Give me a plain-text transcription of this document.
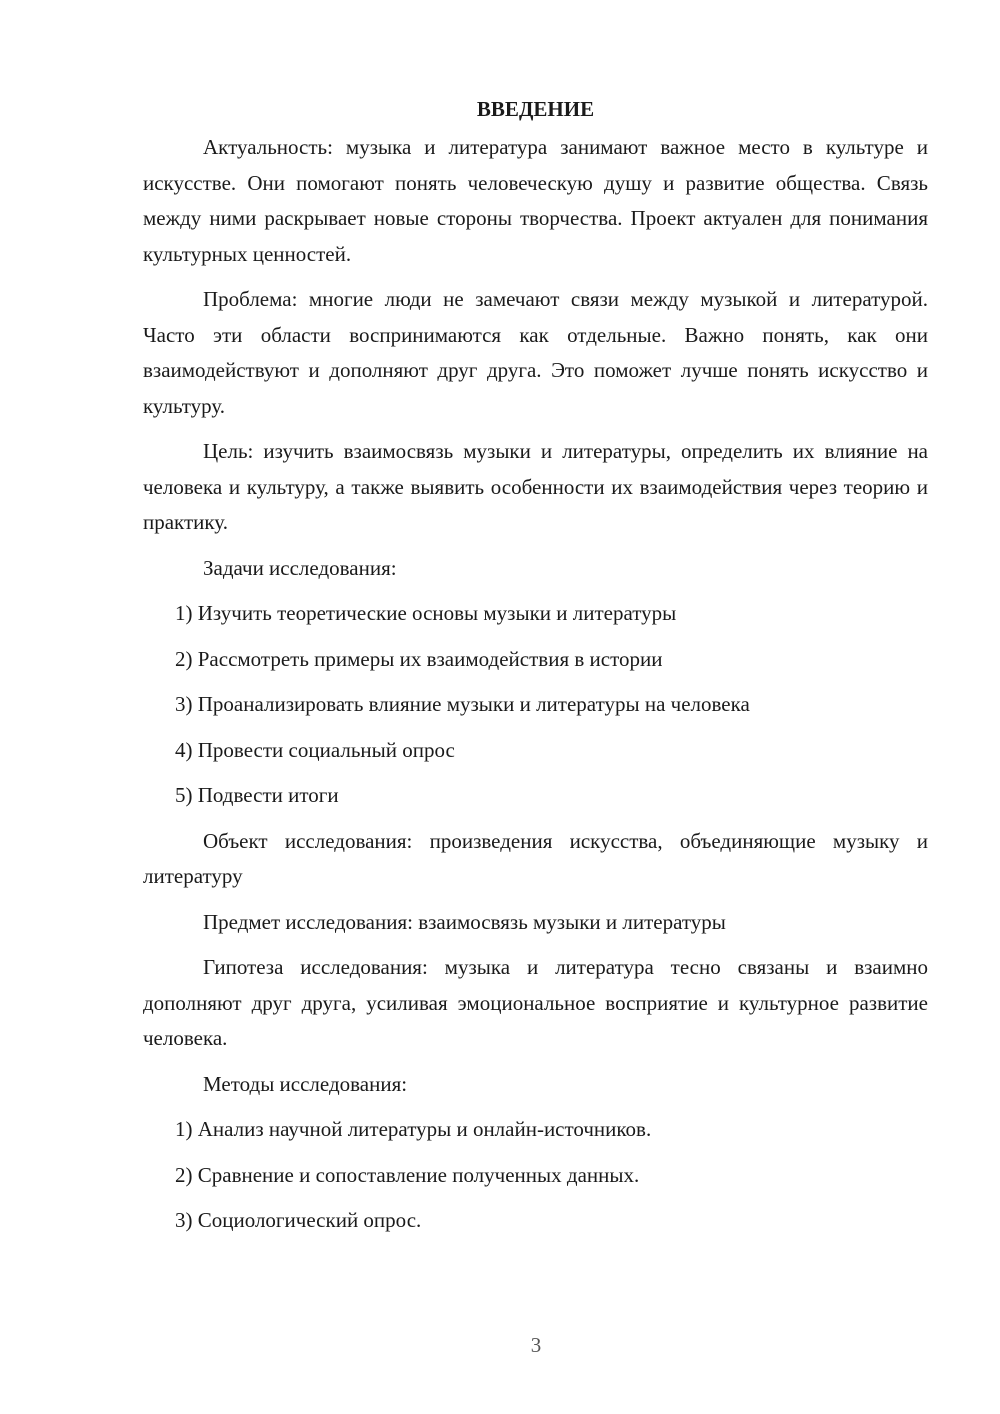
ВВЕДЕНИЕ

Актуальность: музыка и литература занимают важное место в культуре и искусстве. Они помогают понять человеческую душу и развитие общества. Связь между ними раскрывает новые стороны творчества. Проект актуален для понимания культурных ценностей.

Проблема: многие люди не замечают связи между музыкой и литературой. Часто эти области воспринимаются как отдельные. Важно понять, как они взаимодействуют и дополняют друг друга. Это поможет лучше понять искусство и культуру.

Цель: изучить взаимосвязь музыки и литературы, определить их влияние на человека и культуру, а также выявить особенности их взаимодействия через теорию и практику.

Задачи исследования:

1) Изучить теоретические основы музыки и литературы

2) Рассмотреть примеры их взаимодействия в истории

3) Проанализировать влияние музыки и литературы на человека

4) Провести социальный опрос

5) Подвести итоги

Объект исследования: произведения искусства, объединяющие музыку и литературу

Предмет исследования: взаимосвязь музыки и литературы

Гипотеза исследования: музыка и литература тесно связаны и взаимно дополняют друг друга, усиливая эмоциональное восприятие и культурное развитие человека.

Методы исследования:

1) Анализ научной литературы и онлайн-источников.

2) Сравнение и сопоставление полученных данных.

3) Социологический опрос.

3
